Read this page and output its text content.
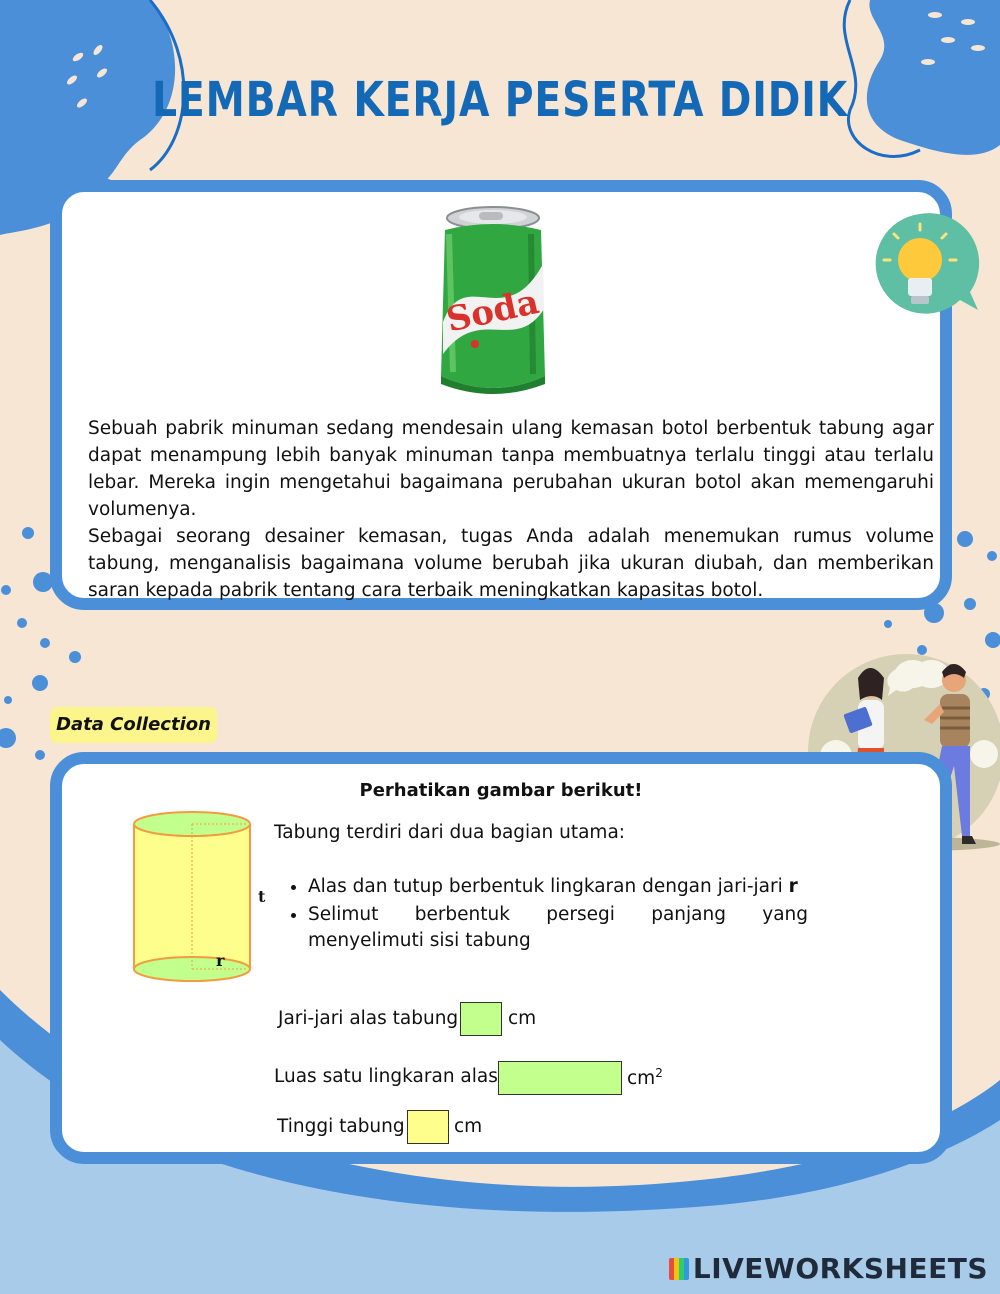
LEMBAR KERJA PESERTA DIDIK
Soda
Sebuah pabrik minuman sedang mendesain ulang kemasan botol berbentuk tabung agar dapat menampung lebih banyak minuman tanpa membuatnya terlalu tinggi atau terlalu lebar. Mereka ingin mengetahui bagaimana perubahan ukuran botol akan memengaruhi volumenya.
Sebagai seorang desainer kemasan, tugas Anda adalah menemukan rumus volume tabung, menganalisis bagaimana volume berubah jika ukuran diubah, dan memberikan saran kepada pabrik tentang cara terbaik meningkatkan kapasitas botol.
Data Collection
Perhatikan gambar berikut!
t
r
Tabung terdiri dari dua bagian utama:
• Alas dan tutup berbentuk lingkaran dengan jari-jari r
• Selimut berbentuk persegi panjang yang menyelimuti sisi tabung
Jari-jari alas tabung	cm
Luas satu lingkaran alas	$cm^2$
Tinggi tabung	cm
LIVEWORKSHEETS
